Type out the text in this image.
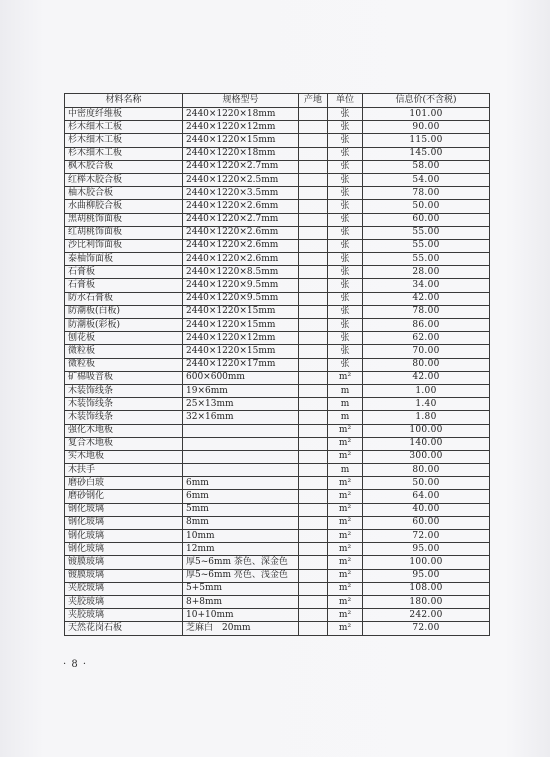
材料名称	规格型号	产地	单位	信息价(不含税)
中密度纤维板	2440×1220×18mm		张	101.00
杉木细木工板	2440×1220×12mm		张	90.00
杉木细木工板	2440×1220×15mm		张	115.00
杉木细木工板	2440×1220×18mm		张	145.00
枫木胶合板	2440×1220×2.7mm		张	58.00
红榉木胶合板	2440×1220×2.5mm		张	54.00
柚木胶合板	2440×1220×3.5mm		张	78.00
水曲柳胶合板	2440×1220×2.6mm		张	50.00
黑胡桃饰面板	2440×1220×2.7mm		张	60.00
红胡桃饰面板	2440×1220×2.6mm		张	55.00
沙比利饰面板	2440×1220×2.6mm		张	55.00
泰柚饰面板	2440×1220×2.6mm		张	55.00
石膏板	2440×1220×8.5mm		张	28.00
石膏板	2440×1220×9.5mm		张	34.00
防水石膏板	2440×1220×9.5mm		张	42.00
防潮板(白板)	2440×1220×15mm		张	78.00
防潮板(彩板)	2440×1220×15mm		张	86.00
刨花板	2440×1220×12mm		张	62.00
微粒板	2440×1220×15mm		张	70.00
微粒板	2440×1220×17mm		张	80.00
矿棉吸音板	600×600mm		m²	42.00
木装饰线条	19×6mm		m	1.00
木装饰线条	25×13mm		m	1.40
木装饰线条	32×16mm		m	1.80
强化木地板			m²	100.00
复合木地板			m²	140.00
实木地板			m²	300.00
木扶手			m	80.00
磨砂白玻	6mm		m²	50.00
磨砂钢化	6mm		m²	64.00
钢化玻璃	5mm		m²	40.00
钢化玻璃	8mm		m²	60.00
钢化玻璃	10mm		m²	72.00
钢化玻璃	12mm		m²	95.00
镀膜玻璃	厚5~6mm 茶色、深金色		m²	100.00
镀膜玻璃	厚5~6mm 亮色、浅金色		m²	95.00
夹胶玻璃	5+5mm		m²	108.00
夹胶玻璃	8+8mm		m²	180.00
夹胶玻璃	10+10mm		m²	242.00
天然花岗石板	芝麻白　20mm		m²	72.00
· 8 ·
